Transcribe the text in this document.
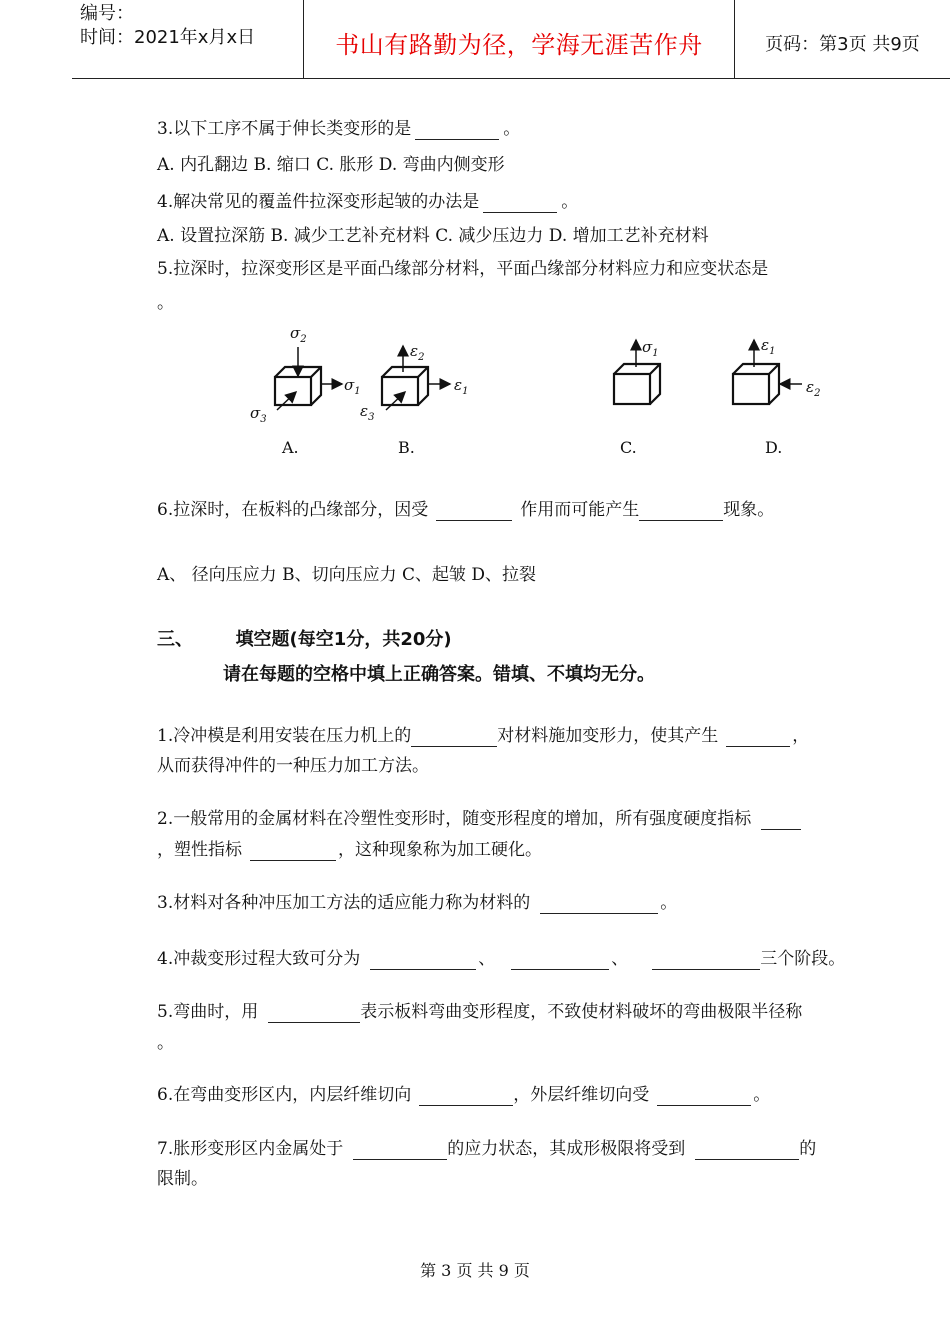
编号：
时间：2021年x月x日	书山有路勤为径，学海无涯苦作舟	页码：第3页 共9页
3.以下工序不属于伸长类变形的是	。
A. 内孔翻边 B. 缩口 C. 胀形 D. 弯曲内侧变形
4.解决常见的覆盖件拉深变形起皱的办法是	。
A. 设置拉深筋 B. 减少工艺补充材料 C. 减少压边力 D. 增加工艺补充材料
5.拉深时，拉深变形区是平面凸缘部分材料，平面凸缘部分材料应力和应变状态是
。
$\sigma_2$
$\sigma_1$
$\sigma_3$
$\varepsilon_2$
$\varepsilon_1$
$\varepsilon_3$
$\sigma_1$	$\varepsilon_1$
$\varepsilon_2$
A.	B.	C.	D.
6.拉深时，在板料的凸缘部分，因受	作用而可能产生	现象。
A、 径向压应力 B、切向压应力 C、起皱 D、拉裂
三、 填空题(每空1分，共20分)
请在每题的空格中填上正确答案。错填、不填均无分。
1.冷冲模是利用安装在压力机上的	对材料施加变形力，使其产生	，
从而获得冲件的一种压力加工方法。
2.一般常用的金属材料在冷塑性变形时，随变形程度的增加，所有强度硬度指标
，塑性指标	，这种现象称为加工硬化。
3.材料对各种冲压加工方法的适应能力称为材料的	。
4.冲裁变形过程大致可分为	、	、	三个阶段。
5.弯曲时，用	表示板料弯曲变形程度，不致使材料破坏的弯曲极限半径称
。
6.在弯曲变形区内，内层纤维切向	，外层纤维切向受	。
7.胀形变形区内金属处于	的应力状态，其成形极限将受到	的
限制。
第 3 页 共 9 页
